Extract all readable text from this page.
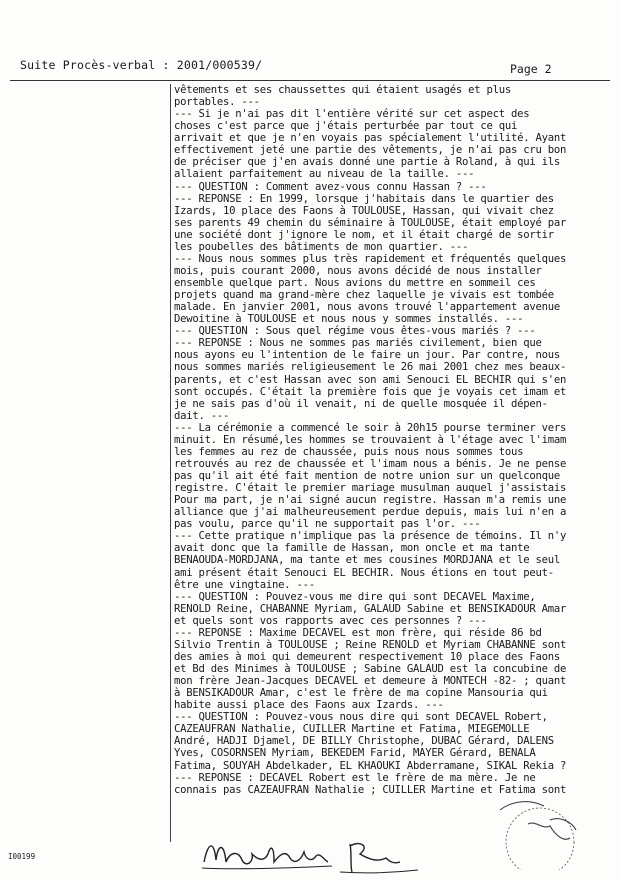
Suite Procès-verbal : 2001/000539/	Page 2
vêtements et ses chaussettes qui étaient usagés et plus
portables. ---
--- Si je n'ai pas dit l'entière vérité sur cet aspect des
choses c'est parce que j'étais perturbée par tout ce qui
arrivait et que je n'en voyais pas spécialement l'utilité. Ayant
effectivement jeté une partie des vêtements, je n'ai pas cru bon
de préciser que j'en avais donné une partie à Roland, à qui ils
allaient parfaitement au niveau de la taille. ---
--- QUESTION : Comment avez-vous connu Hassan ? ---
--- REPONSE : En 1999, lorsque j'habitais dans le quartier des
Izards, 10 place des Faons à TOULOUSE, Hassan, qui vivait chez
ses parents 49 chemin du séminaire à TOULOUSE, était employé par
une société dont j'ignore le nom, et il était chargé de sortir
les poubelles des bâtiments de mon quartier. ---
--- Nous nous sommes plus très rapidement et fréquentés quelques
mois, puis courant 2000, nous avons décidé de nous installer
ensemble quelque part. Nous avions du mettre en sommeil ces
projets quand ma grand-mère chez laquelle je vivais est tombée
malade. En janvier 2001, nous avons trouvé l'appartement avenue
Dewoitine à TOULOUSE et nous nous y sommes installés. ---
--- QUESTION : Sous quel régime vous êtes-vous mariés ? ---
--- REPONSE : Nous ne sommes pas mariés civilement, bien que
nous ayons eu l'intention de le faire un jour. Par contre, nous
nous sommes mariés religieusement le 26 mai 2001 chez mes beaux-
parents, et c'est Hassan avec son ami Senouci EL BECHIR qui s'en
sont occupés. C'était la première fois que je voyais cet imam et
je ne sais pas d'où il venait, ni de quelle mosquée il dépen-
dait. ---
--- La cérémonie a commencé le soir à 20h15 pourse terminer vers
minuit. En résumé,les hommes se trouvaient à l'étage avec l'imam
les femmes au rez de chaussée, puis nous nous sommes tous
retrouvés au rez de chaussée et l'imam nous a bénis. Je ne pense
pas qu'il ait été fait mention de notre union sur un quelconque
registre. C'était le premier mariage musulman auquel j'assistais
Pour ma part, je n'ai signé aucun registre. Hassan m'a remis une
alliance que j'ai malheureusement perdue depuis, mais lui n'en a
pas voulu, parce qu'il ne supportait pas l'or. ---
--- Cette pratique n'implique pas la présence de témoins. Il n'y
avait donc que la famille de Hassan, mon oncle et ma tante
BENAOUDA-MORDJANA, ma tante et mes cousines MORDJANA et le seul
ami présent était Senouci EL BECHIR. Nous étions en tout peut-
être une vingtaine. ---
--- QUESTION : Pouvez-vous me dire qui sont DECAVEL Maxime,
RENOLD Reine, CHABANNE Myriam, GALAUD Sabine et BENSIKADOUR Amar
et quels sont vos rapports avec ces personnes ? ---
--- REPONSE : Maxime DECAVEL est mon frère, qui réside 86 bd
Silvio Trentin à TOULOUSE ; Reine RENOLD et Myriam CHABANNE sont
des amies à moi qui demeurent respectivement 10 place des Faons
et Bd des Minimes à TOULOUSE ; Sabine GALAUD est la concubine de
mon frère Jean-Jacques DECAVEL et demeure à MONTECH -82- ; quant
à BENSIKADOUR Amar, c'est le frère de ma copine Mansouria qui
habite aussi place des Faons aux Izards. ---
--- QUESTION : Pouvez-vous nous dire qui sont DECAVEL Robert,
CAZEAUFRAN Nathalie, CUILLER Martine et Fatima, MIEGEMOLLE
André, HADJI Djamel, DE BILLY Christophe, DUBAC Gérard, DALENS
Yves, COSORNSEN Myriam, BEKEDEM Farid, MAYER Gérard, BENALA
Fatima, SOUYAH Abdelkader, EL KHAOUKI Abderramane, SIKAL Rekia ?
--- REPONSE : DECAVEL Robert est le frère de ma mère. Je ne
connais pas CAZEAUFRAN Nathalie ; CUILLER Martine et Fatima sont
I00199
